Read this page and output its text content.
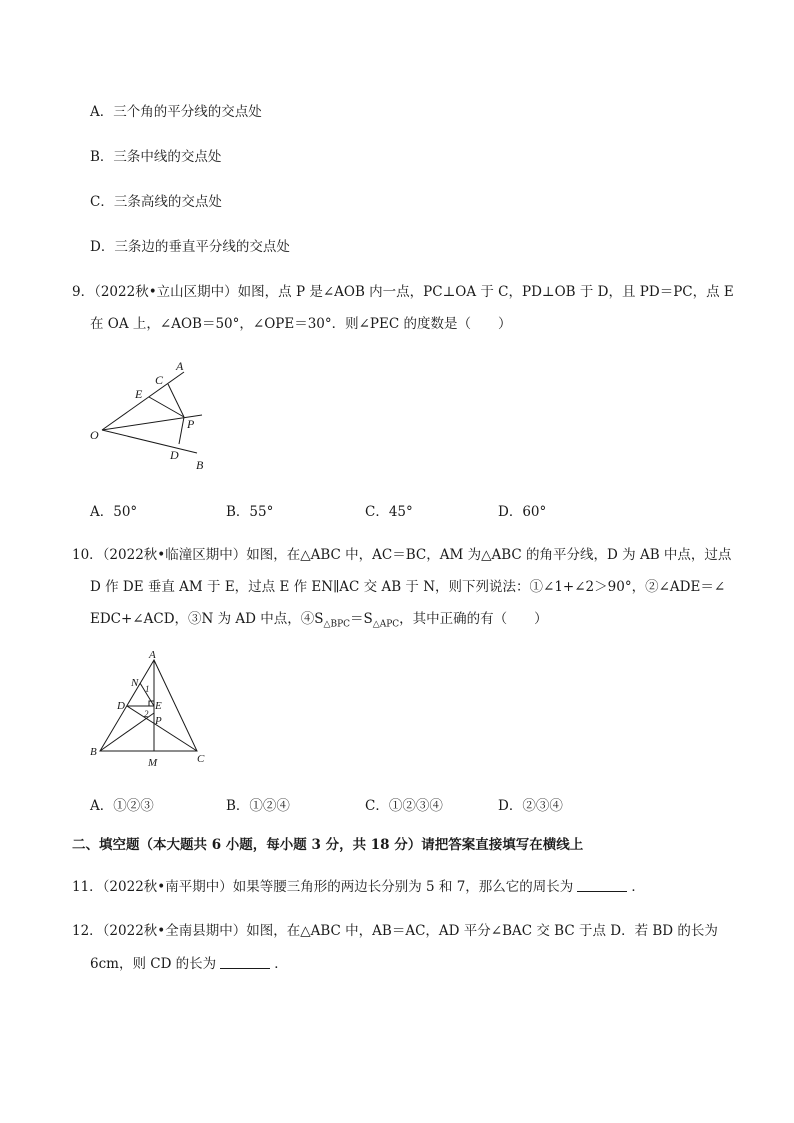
A．三个角的平分线的交点处
B．三条中线的交点处
C．三条高线的交点处
D．三条边的垂直平分线的交点处
9．（2022秋•立山区期中）如图，点 P 是∠AOB 内一点，PC⊥OA 于 C，PD⊥OB 于 D，且 PD＝PC，点 E
在 OA 上，∠AOB＝50°，∠OPE＝30°．则∠PEC 的度数是（　　）
A
C
E
O
P
D
B
A．50°	B．55°	C．45°	D．60°
10．（2022秋•临潼区期中）如图，在△ABC 中，AC＝BC，AM 为△ABC 的角平分线，D 为 AB 中点，过点
D 作 DE 垂直 AM 于 E，过点 E 作 EN∥AC 交 AB 于 N，则下列说法：①∠1+∠2＞90°，②∠ADE＝∠
EDC+∠ACD，③N 为 AD 中点，$④S_{\triangle BPC}=S_{\triangle APC}$，其中正确的有（　　）
A
N 1
D	E
2
P
B
M	C
A．①②③	B．①②④	C．①②③④	D．②③④
二、填空题（本大题共 6 小题，每小题 3 分，共 18 分）请把答案直接填写在横线上
11．（2022秋•南平期中）如果等腰三角形的两边长分别为 5 和 7，那么它的周长为	．
12．（2022秋•全南县期中）如图，在△ABC 中，AB＝AC，AD 平分∠BAC 交 BC 于点 D．若 BD 的长为
6cm，则 CD 的长为	．
